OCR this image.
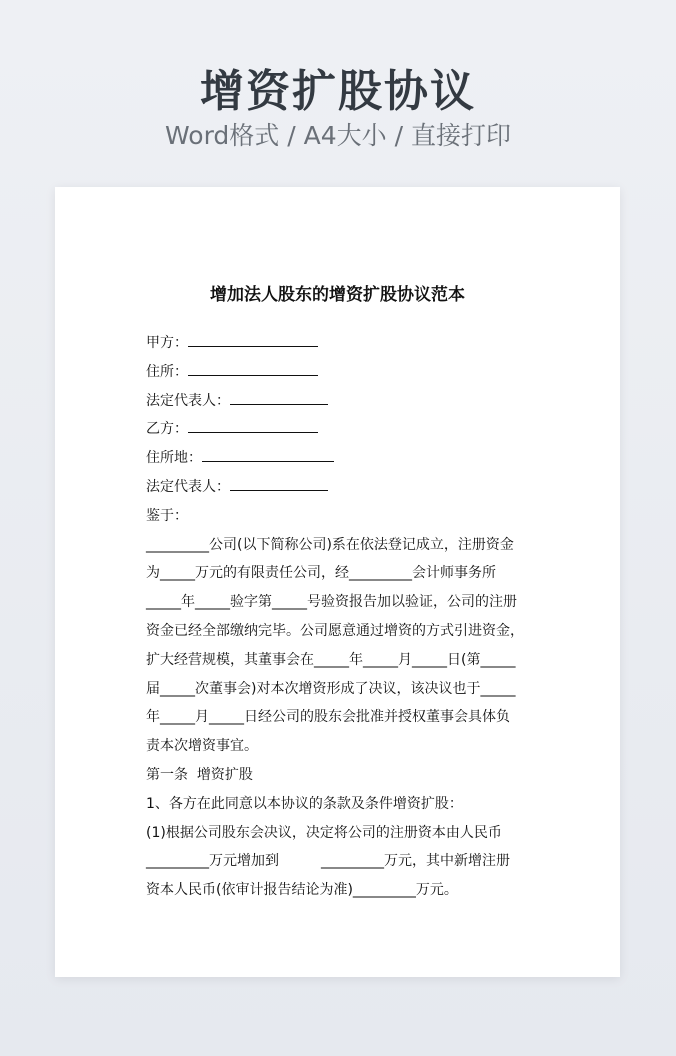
增资扩股协议
Word格式 / A4大小 / 直接打印
增加法人股东的增资扩股协议范本
甲方：
住所：
法定代表人：
乙方：
住所地：
法定代表人：
鉴于：
_________公司(以下简称公司)系在依法登记成立，注册资金
为_____万元的有限责任公司，经_________会计师事务所
_____年_____验字第_____号验资报告加以验证，公司的注册
资金已经全部缴纳完毕。公司愿意通过增资的方式引进资金，
扩大经营规模，其董事会在_____年_____月_____日(第_____
届_____次董事会)对本次增资形成了决议，该决议也于_____
年_____月_____日经公司的股东会批准并授权董事会具体负
责本次增资事宜。
第一条  增资扩股
1、各方在此同意以本协议的条款及条件增资扩股：
(1)根据公司股东会决议，决定将公司的注册资本由人民币
_________万元增加到	_________万元，其中新增注册
资本人民币(依审计报告结论为准)_________万元。
